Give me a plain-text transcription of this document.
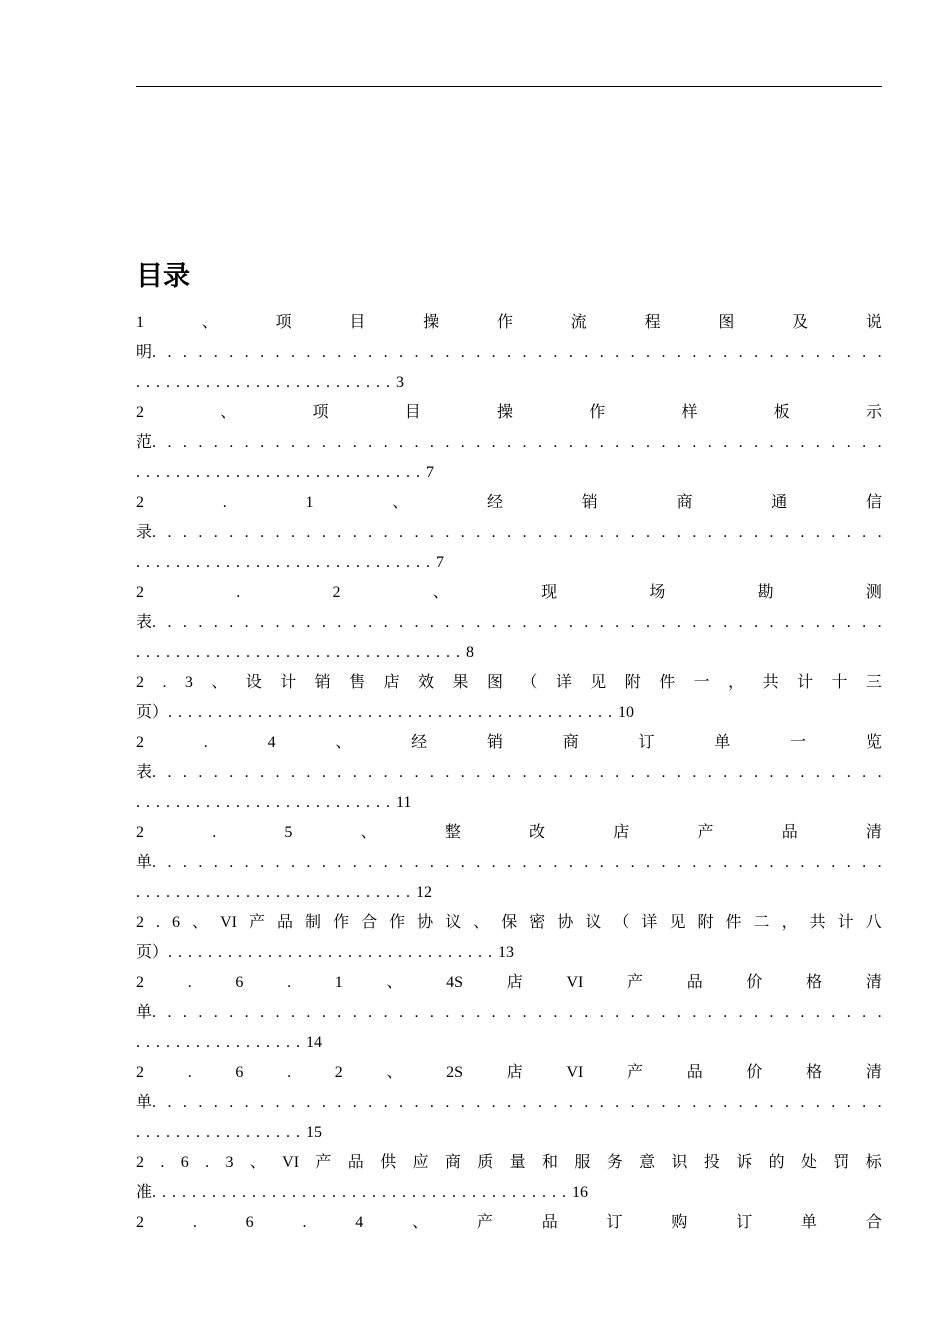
目录
1	、	项	目	操	作	流	程	图	及	说
明. . . . . . . . . . . . . . . . . . . . . . . . . . . . . . . . . . . . . . . . . . . . . . . .
. . . . . . . . . . . . . . . . . . . . . . . . . . 3
2	、	项	目	操	作	样	板	示
范. . . . . . . . . . . . . . . . . . . . . . . . . . . . . . . . . . . . . . . . . . . . . . . .
. . . . . . . . . . . . . . . . . . . . . . . . . . . . . 7
2	.	1	、	经	销	商	通	信
录. . . . . . . . . . . . . . . . . . . . . . . . . . . . . . . . . . . . . . . . . . . . . . . .
. . . . . . . . . . . . . . . . . . . . . . . . . . . . . . 7
2	.	2	、	现	场	勘	测
表. . . . . . . . . . . . . . . . . . . . . . . . . . . . . . . . . . . . . . . . . . . . . . . .
. . . . . . . . . . . . . . . . . . . . . . . . . . . . . . . . . 8
2 . 3 、 设 计 销 售 店 效 果 图 （ 详 见 附 件 一 ， 共 计 十 三
页）. . . . . . . . . . . . . . . . . . . . . . . . . . . . . . . . . . . . . . . . . . . . . 10
2	.	4	、	经	销	商	订	单	一	览
表. . . . . . . . . . . . . . . . . . . . . . . . . . . . . . . . . . . . . . . . . . . . . . . .
. . . . . . . . . . . . . . . . . . . . . . . . . . 11
2	.	5	、	整	改	店	产	品	清
单. . . . . . . . . . . . . . . . . . . . . . . . . . . . . . . . . . . . . . . . . . . . . . . .
. . . . . . . . . . . . . . . . . . . . . . . . . . . . 12
2 . 6 、 VI 产 品 制 作 合 作 协 议 、 保 密 协 议 （ 详 见 附 件 二 ， 共 计 八
页）. . . . . . . . . . . . . . . . . . . . . . . . . . . . . . . . . 13
2	.	6	.	1	、	4S	店	VI	产	品	价	格	清
单. . . . . . . . . . . . . . . . . . . . . . . . . . . . . . . . . . . . . . . . . . . . . . . .
. . . . . . . . . . . . . . . . . 14
2	.	6	.	2	、	2S	店	VI	产	品	价	格	清
单. . . . . . . . . . . . . . . . . . . . . . . . . . . . . . . . . . . . . . . . . . . . . . . .
. . . . . . . . . . . . . . . . . 15
2 . 6 . 3 、 VI 产 品 供 应 商 质 量 和 服 务 意 识 投 诉 的 处 罚 标
准. . . . . . . . . . . . . . . . . . . . . . . . . . . . . . . . . . . . . . . . . . 16
2	.	6	.	4	、	产	品	订	购	订	单	合
